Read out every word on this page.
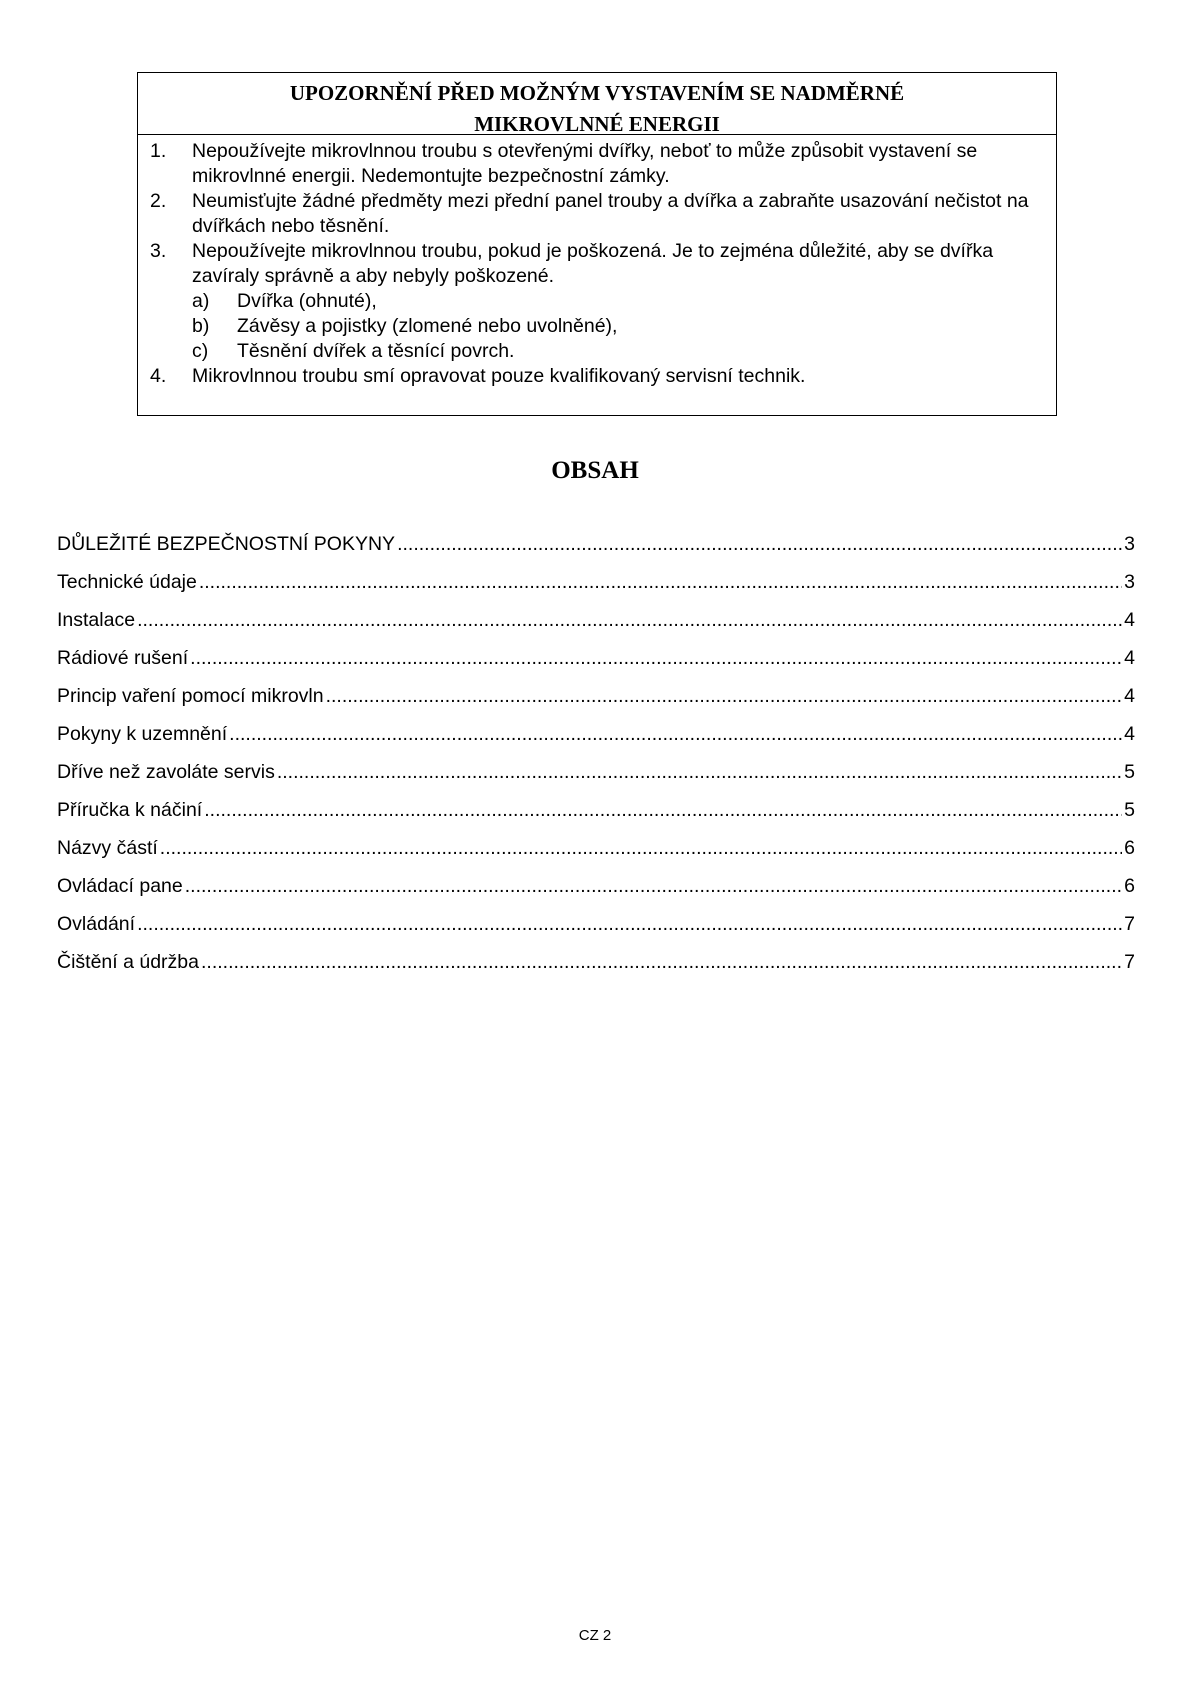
UPOZORNĚNÍ PŘED MOŽNÝM VYSTAVENÍM SE NADMĚRNÉ
MIKROVLNNÉ ENERGII
1.	Nepoužívejte mikrovlnnou troubu s otevřenými dvířky, neboť to může způsobit vystavení se mikrovlnné energii. Nedemontujte bezpečnostní zámky.
2.	Neumisťujte žádné předměty mezi přední panel trouby a dvířka a zabraňte usazování nečistot na dvířkách nebo těsnění.
3.	Nepoužívejte mikrovlnnou troubu, pokud je poškozená. Je to zejména důležité, aby se dvířka zavíraly správně a aby nebyly poškozené.
a)	Dvířka (ohnuté),
b)	Závěsy a pojistky (zlomené nebo uvolněné),
c)	Těsnění dvířek a těsnící povrch.
4.	Mikrovlnnou troubu smí opravovat pouze kvalifikovaný servisní technik.
OBSAH
DŮLEŽITÉ BEZPEČNOSTNÍ POKYNY .....	3
Technické údaje .....	3
Instalace .....	4
Rádiové rušení .....	4
Princip vaření pomocí mikrovln .....	4
Pokyny k uzemnění .....	4
Dříve než zavoláte servis .....	5
Příručka k náčiní .....	5
Názvy částí .....	6
Ovládací pane .....	6
Ovládání .....	7
Čištění a údržba .....	7
CZ 2
